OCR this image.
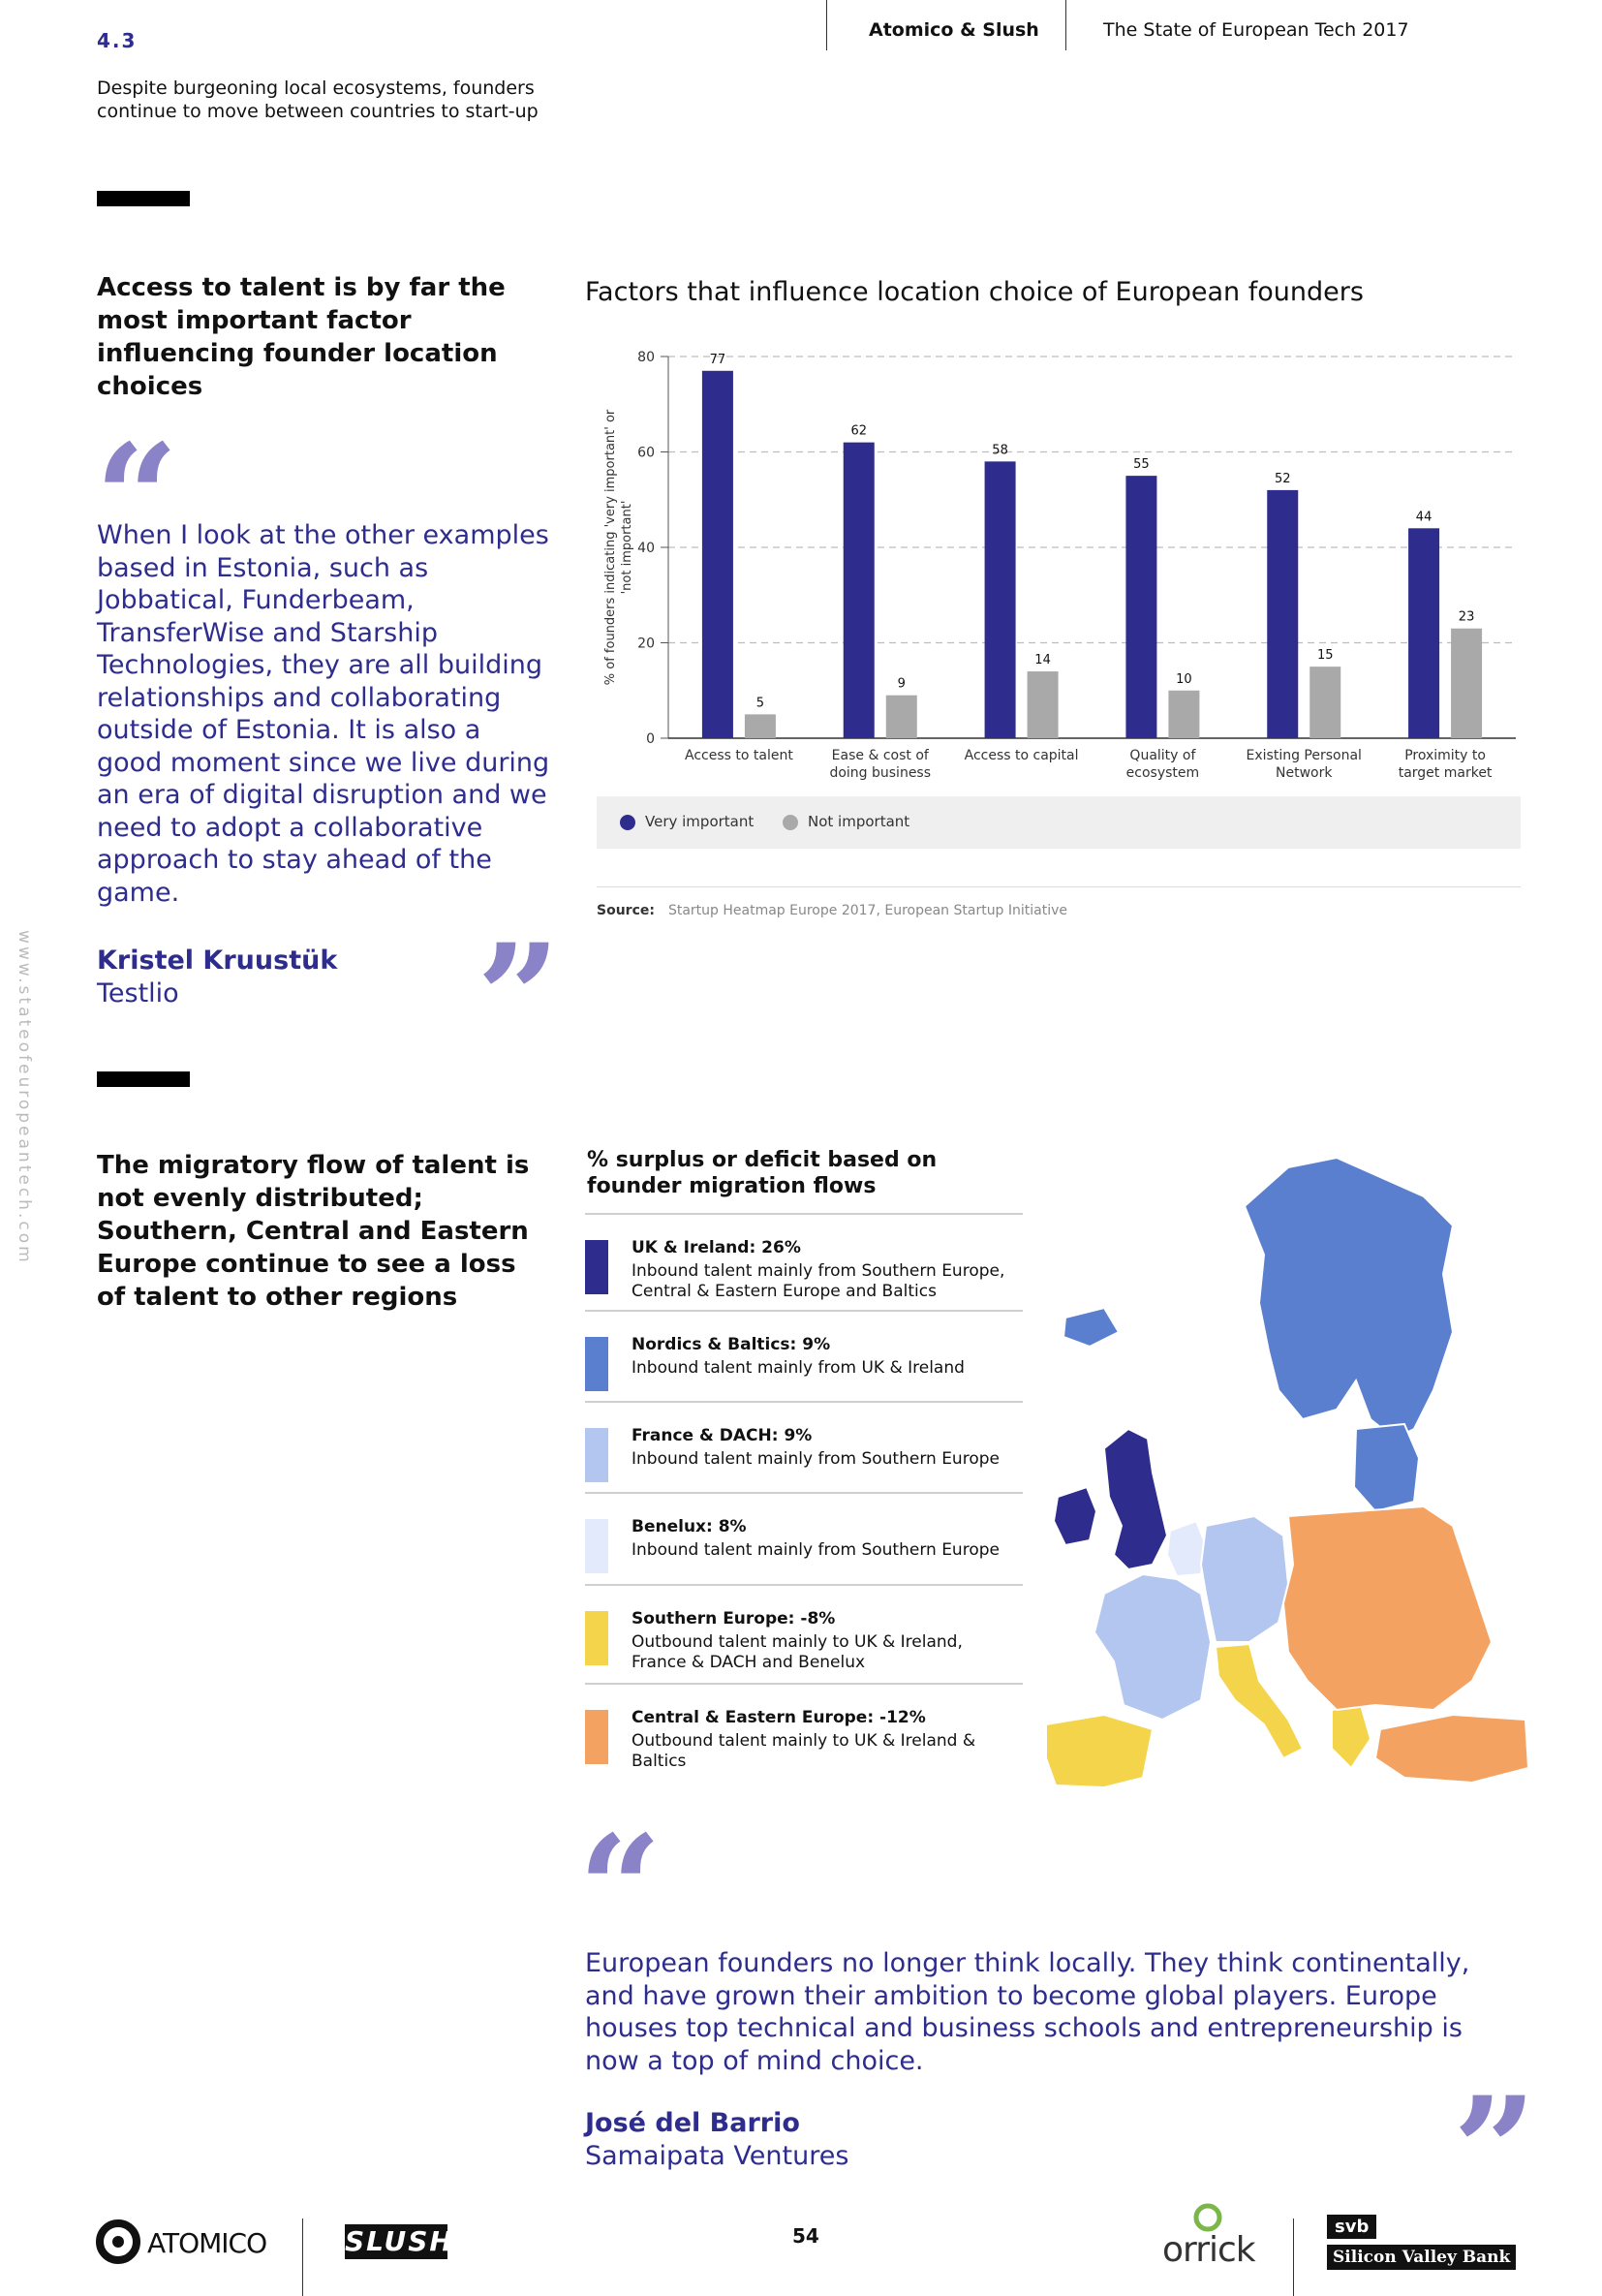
4.3
Despite burgeoning local ecosystems, founders continue to move between countries to start-up
Atomico & Slush	The State of European Tech 2017
www.stateofeuropeantech.com
Access to talent is by far the most important factor influencing founder location choices
“
When I look at the other examples based in Estonia, such as Jobbatical, Funderbeam, TransferWise and Starship Technologies, they are all building relationships and collaborating outside of Estonia. It is also a good moment since we live during an era of digital disruption and we need to adopt a collaborative approach to stay ahead of the game.
Kristel Kruustük
Testlio ”
Factors that influence location choice of European founders
0
20
40
60
80
% of founders indicating 'very important' or 'not important'
77
5
Access to talent
62
9
Ease & cost of
doing business
58
14
Access to capital
55
10
Quality of
ecosystem
52
15
Existing Personal
Network
44
23
Proximity to
target market
Very important	Not important
Source: Startup Heatmap Europe 2017, European Startup Initiative
The migratory flow of talent is not evenly distributed; Southern, Central and Eastern Europe continue to see a loss of talent to other regions
% surplus or deficit based on founder migration flows
UK & Ireland: 26%
Inbound talent mainly from Southern Europe,
Central & Eastern Europe and Baltics
Nordics & Baltics: 9%
Inbound talent mainly from UK & Ireland
France & DACH: 9%
Inbound talent mainly from Southern Europe
Benelux: 8%
Inbound talent mainly from Southern Europe
Southern Europe: -8%
Outbound talent mainly to UK & Ireland,
France & DACH and Benelux
Central & Eastern Europe: -12%
Outbound talent mainly to UK & Ireland &
Baltics
“
European founders no longer think locally. They think continentally, and have grown their ambition to become global players. Europe houses top technical and business schools and entrepreneurship is now a top of mind choice.
José del Barrio
Samaipata Ventures	”
ATOMICO	SLUSH	54	orrick
svb
Silicon Valley Bank
